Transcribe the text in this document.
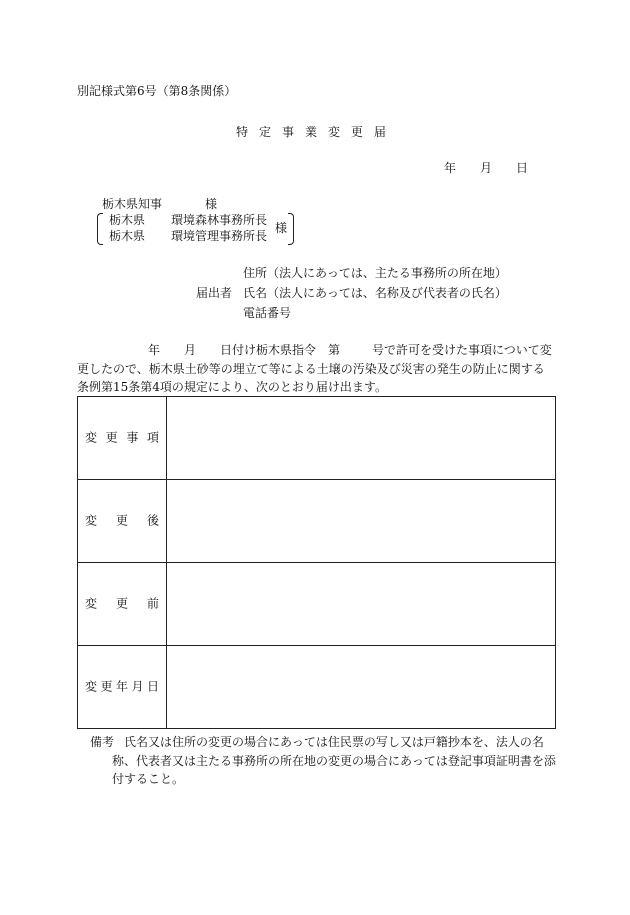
別記様式第6号（第8条関係）
特 定 事 業 変 更 届
年 月 日
栃木県知事	様
栃木県 環境森林事務所長
栃木県 環境管理事務所長
様
住所（法人にあっては、主たる事務所の所在地）
届出者 氏名（法人にあっては、名称及び代表者の氏名）
電話番号
年 月 日付け栃木県指令　第	号で許可を受けた事項について変
更したので、栃木県土砂等の埋立て等による土壌の汚染及び災害の発生の防止に関する
条例第15条第4項の規定により、次のとおり届け出ます。
変 更 事 項	

変 更 後	

変 更 前	

変 更 年 月 日	

備考 氏名又は住所の変更の場合にあっては住民票の写し又は戸籍抄本を、法人の名
称、代表者又は主たる事務所の所在地の変更の場合にあっては登記事項証明書を添
付すること。
